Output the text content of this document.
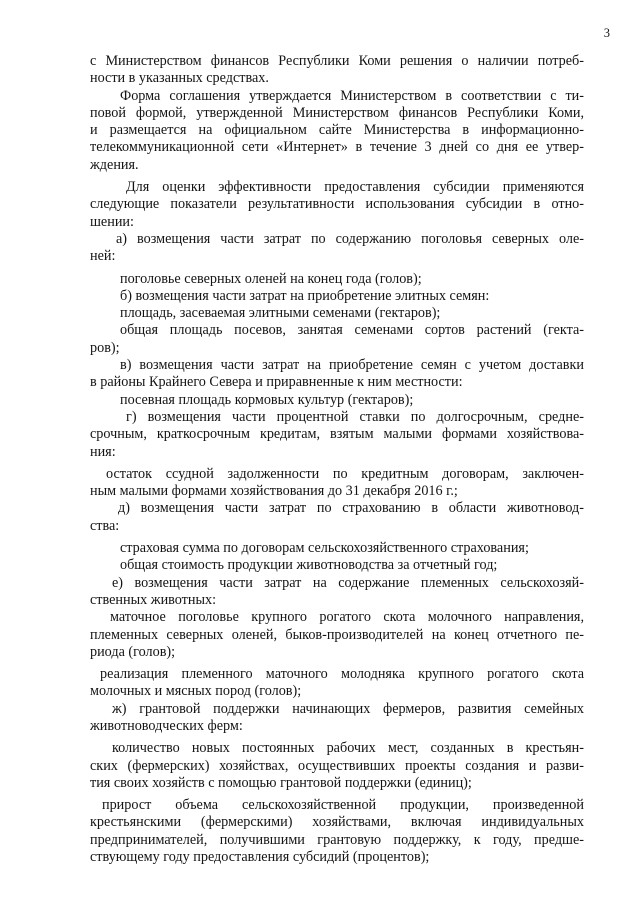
3
с Министерством финансов Республики Коми решения о наличии потреб-
ности в указанных средствах.
Форма соглашения утверждается Министерством в соответствии с ти-
повой формой, утвержденной Министерством финансов Республики Коми,
и размещается на официальном сайте Министерства в информационно-
телекоммуникационной сети «Интернет» в течение 3 дней со дня ее утвер-
ждения.
Для оценки эффективности предоставления субсидии применяются
следующие показатели результативности использования субсидии в отно-
шении:
а) возмещения части затрат по содержанию поголовья северных оле-
ней:
поголовье северных оленей на конец года (голов);
б) возмещения части затрат на приобретение элитных семян:
площадь, засеваемая элитными семенами (гектаров);
общая площадь посевов, занятая семенами сортов растений (гекта-
ров);
в) возмещения части затрат на приобретение семян с учетом доставки
в районы Крайнего Севера и приравненные к ним местности:
посевная площадь кормовых культур (гектаров);
г) возмещения части процентной ставки по долгосрочным, средне-
срочным, краткосрочным кредитам, взятым малыми формами хозяйствова-
ния:
остаток ссудной задолженности по кредитным договорам, заключен-
ным малыми формами хозяйствования до 31 декабря 2016 г.;
д) возмещения части затрат по страхованию в области животновод-
ства:
страховая сумма по договорам сельскохозяйственного страхования;
общая стоимость продукции животноводства за отчетный год;
е) возмещения части затрат на содержание племенных сельскохозяй-
ственных животных:
маточное поголовье крупного рогатого скота молочного направления,
племенных северных оленей, быков-производителей на конец отчетного пе-
риода (голов);
реализация племенного маточного молодняка крупного рогатого скота
молочных и мясных пород (голов);
ж) грантовой поддержки начинающих фермеров, развития семейных
животноводческих ферм:
количество новых постоянных рабочих мест, созданных в крестьян-
ских (фермерских) хозяйствах, осуществивших проекты создания и разви-
тия своих хозяйств с помощью грантовой поддержки (единиц);
прирост объема сельскохозяйственной продукции, произведенной
крестьянскими (фермерскими) хозяйствами, включая индивидуальных
предпринимателей, получившими грантовую поддержку, к году, предше-
ствующему году предоставления субсидий (процентов);
